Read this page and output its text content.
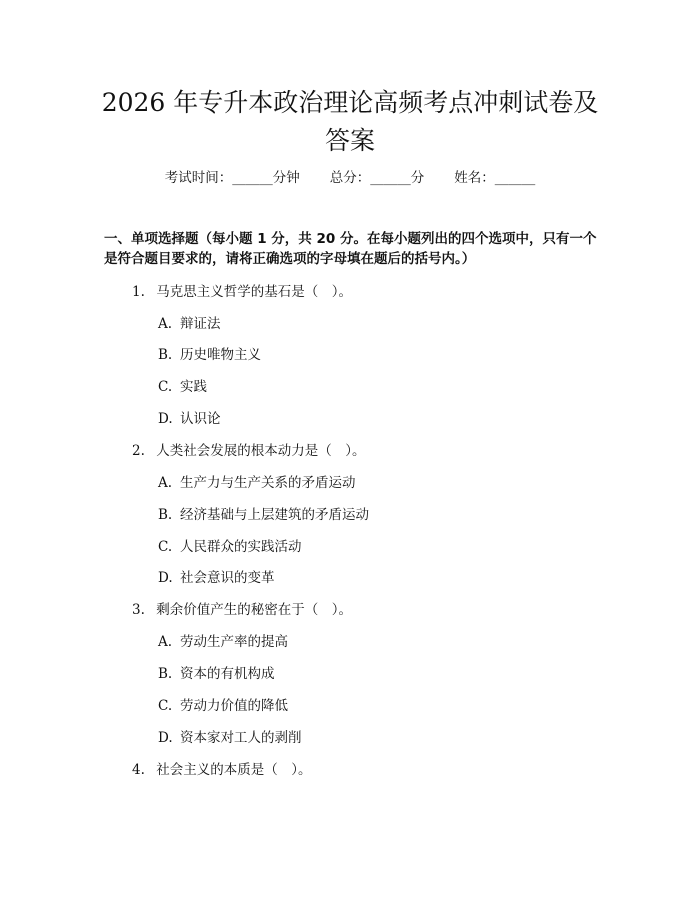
2026 年专升本政治理论高频考点冲刺试卷及
答案
考试时间：______分钟 总分：______分 姓名：______
一、单项选择题（每小题 1 分，共 20 分。在每小题列出的四个选项中，只有一个是符合题目要求的，请将正确选项的字母填在题后的括号内。）
1. 马克思主义哲学的基石是（　）。
A. 辩证法
B. 历史唯物主义
C. 实践
D. 认识论
2. 人类社会发展的根本动力是（　）。
A. 生产力与生产关系的矛盾运动
B. 经济基础与上层建筑的矛盾运动
C. 人民群众的实践活动
D. 社会意识的变革
3. 剩余价值产生的秘密在于（　）。
A. 劳动生产率的提高
B. 资本的有机构成
C. 劳动力价值的降低
D. 资本家对工人的剥削
4. 社会主义的本质是（　）。
